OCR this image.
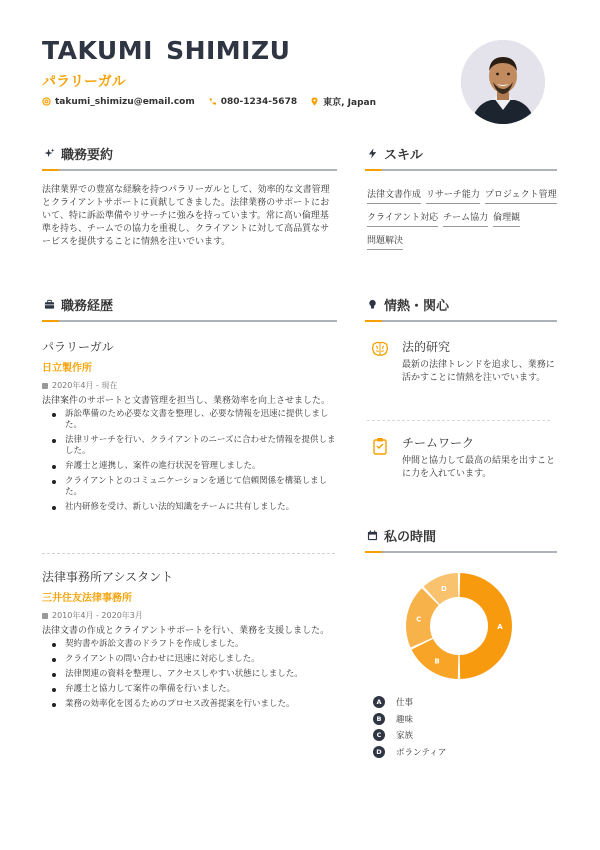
TAKUMI SHIMIZU
パラリーガル
takumi_shimizu@email.com	080-1234-5678	東京, Japan
職務要約
法律業界での豊富な経験を持つパラリーガルとして、効率的な文書管理とクライアントサポートに貢献してきました。法律業務のサポートにおいて、特に訴訟準備やリサーチに強みを持っています。常に高い倫理基準を持ち、チームでの協力を重視し、クライアントに対して高品質なサービスを提供することに情熱を注いでいます。
スキル
法律文書作成 リサーチ能力 プロジェクト管理
クライアント対応 チーム協力 倫理観
問題解決
職務経歴
パラリーガル
日立製作所
2020年4月 - 現在
法律案件のサポートと文書管理を担当し、業務効率を向上させました。
訴訟準備のため必要な文書を整理し、必要な情報を迅速に提供しました。
法律リサーチを行い、クライアントのニーズに合わせた情報を提供しました。
弁護士と連携し、案件の進行状況を管理しました。
クライアントとのコミュニケーションを通じて信頼関係を構築しました。
社内研修を受け、新しい法的知識をチームに共有しました。
法律事務所アシスタント
三井住友法律事務所
2010年4月 - 2020年3月
法律文書の作成とクライアントサポートを行い、業務を支援しました。
契約書や訴訟文書のドラフトを作成しました。
クライアントの問い合わせに迅速に対応しました。
法律関連の資料を整理し、アクセスしやすい状態にしました。
弁護士と協力して案件の準備を行いました。
業務の効率化を図るためのプロセス改善提案を行いました。
情熱・関心
法的研究
最新の法律トレンドを追求し、業務に活かすことに情熱を注いでいます。
チームワーク
仲間と協力して最高の結果を出すことに力を入れています。
私の時間
A
B
C
D
A	仕事
B	趣味
C	家族
D	ボランティア
